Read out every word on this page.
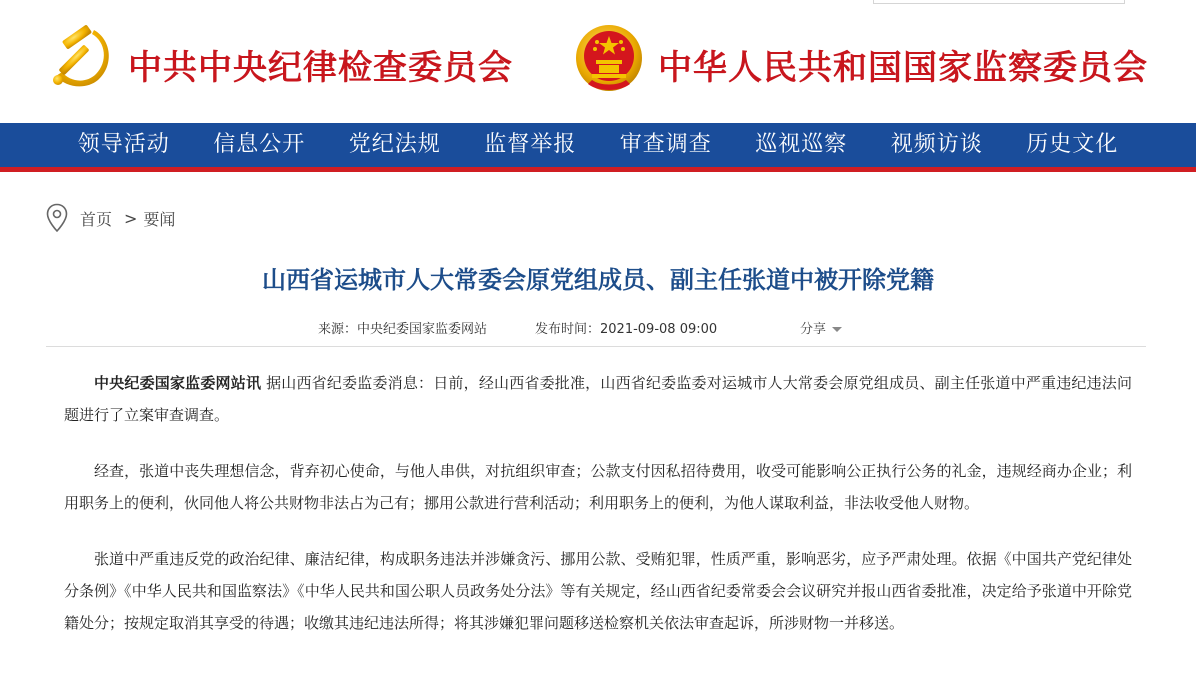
中共中央纪律检查委员会	中华人民共和国国家监察委员会
领导活动	信息公开	党纪法规	监督举报	审查调查	巡视巡察	视频访谈	历史文化
首页 > 要闻
山西省运城市人大常委会原党组成员、副主任张道中被开除党籍
来源：中央纪委国家监委网站	发布时间：2021-09-08 09:00	分享

中央纪委国家监委网站讯 据山西省纪委监委消息：日前，经山西省委批准，山西省纪委监委对运城市人大常委会原党组成员、副主任张道中严重违纪违法问题进行了立案审查调查。

经查，张道中丧失理想信念，背弃初心使命，与他人串供，对抗组织审查；公款支付因私招待费用，收受可能影响公正执行公务的礼金，违规经商办企业；利用职务上的便利，伙同他人将公共财物非法占为己有；挪用公款进行营利活动；利用职务上的便利，为他人谋取利益，非法收受他人财物。

张道中严重违反党的政治纪律、廉洁纪律，构成职务违法并涉嫌贪污、挪用公款、受贿犯罪，性质严重，影响恶劣，应予严肃处理。依据《中国共产党纪律处分条例》《中华人民共和国监察法》《中华人民共和国公职人员政务处分法》等有关规定，经山西省纪委常委会会议研究并报山西省委批准，决定给予张道中开除党籍处分；按规定取消其享受的待遇；收缴其违纪违法所得；将其涉嫌犯罪问题移送检察机关依法审查起诉，所涉财物一并移送。
